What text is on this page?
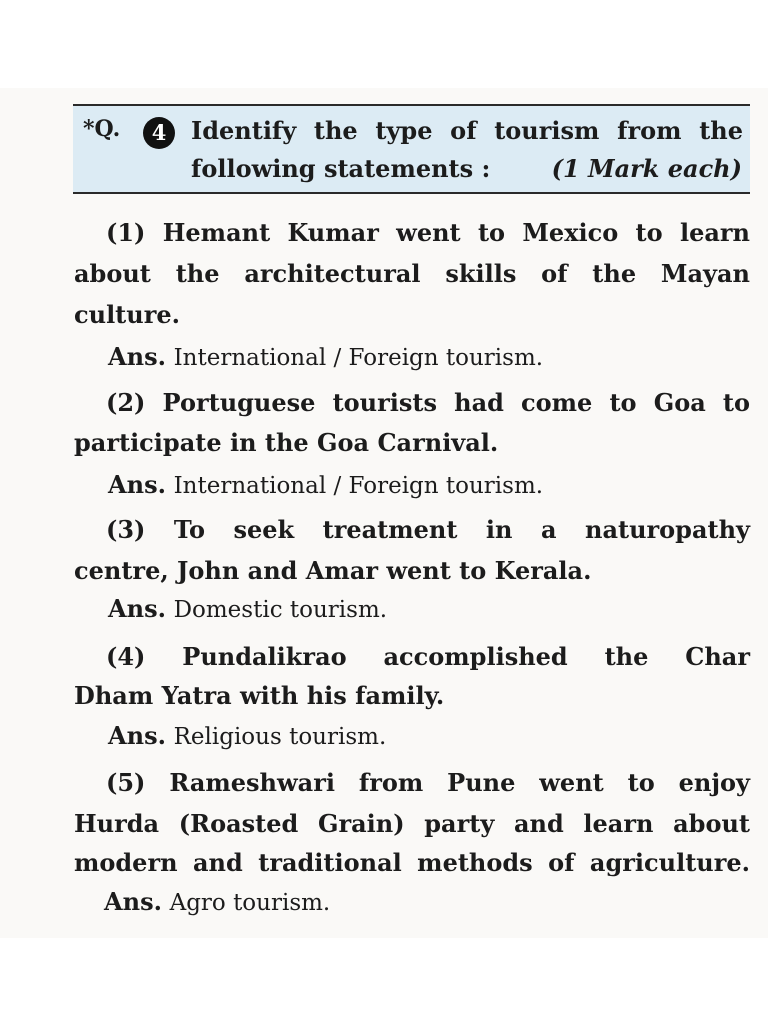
*Q.	4	Identify the type of tourism from the
following statements :	(1 Mark each)
(1) Hemant Kumar went to Mexico to learn
about the architectural skills of the Mayan
culture.
Ans. International / Foreign tourism.
(2) Portuguese tourists had come to Goa to
participate in the Goa Carnival.
Ans. International / Foreign tourism.
(3) To seek treatment in a naturopathy
centre, John and Amar went to Kerala.
Ans. Domestic tourism.
(4) Pundalikrao accomplished the Char
Dham Yatra with his family.
Ans. Religious tourism.
(5) Rameshwari from Pune went to enjoy
Hurda (Roasted Grain) party and learn about
modern and traditional methods of agriculture.
Ans. Agro tourism.
